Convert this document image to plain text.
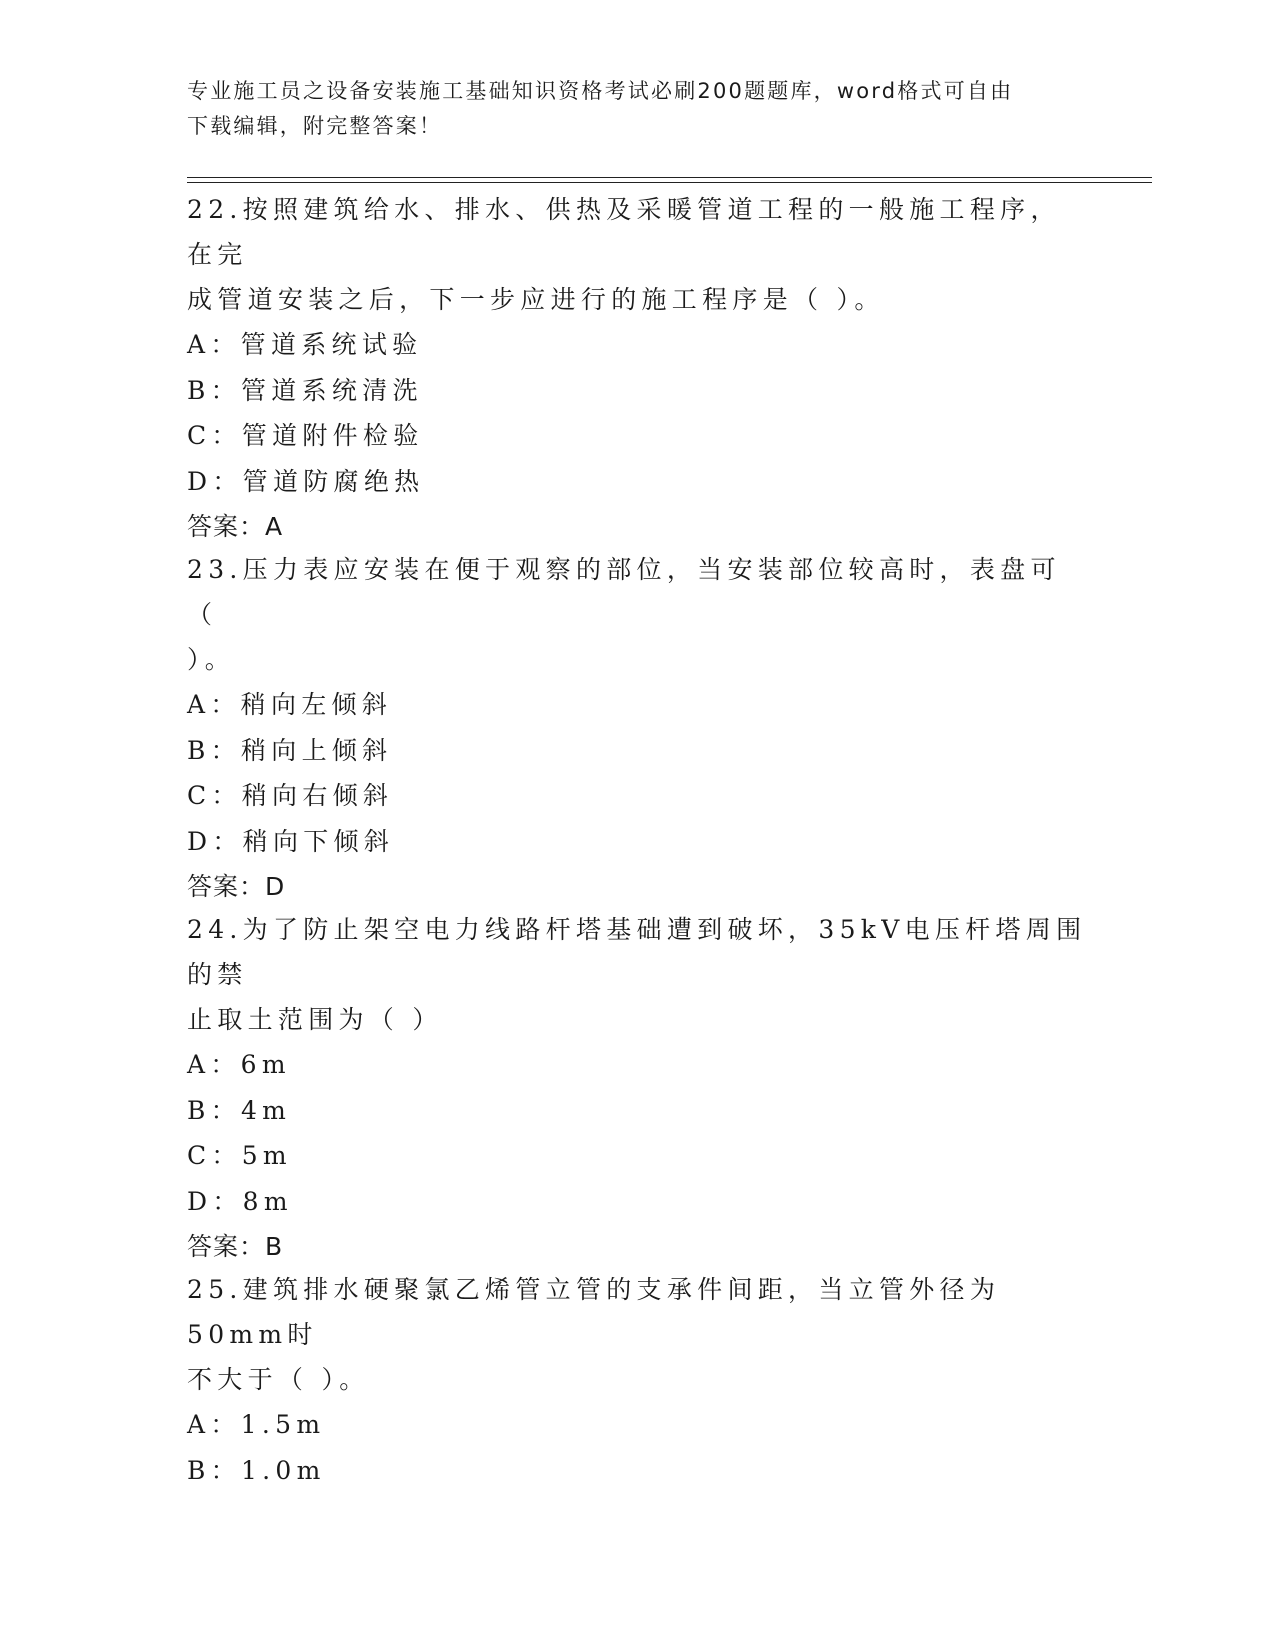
专业施工员之设备安装施工基础知识资格考试必刷200题题库，word格式可自由
下载编辑，附完整答案！
22.按照建筑给水、排水、供热及采暖管道工程的一般施工程序，在完
成管道安装之后，下一步应进行的施工程序是（ ）。
A：管道系统试验
B：管道系统清洗
C：管道附件检验
D：管道防腐绝热
答案：A
23.压力表应安装在便于观察的部位，当安装部位较高时，表盘可（
）。
A：稍向左倾斜
B：稍向上倾斜
C：稍向右倾斜
D：稍向下倾斜
答案：D
24.为了防止架空电力线路杆塔基础遭到破坏，35kV电压杆塔周围的禁
止取土范围为（ ）
A：6m
B：4m
C：5m
D：8m
答案：B
25.建筑排水硬聚氯乙烯管立管的支承件间距，当立管外径为50mm时
不大于（ ）。
A：1.5m
B：1.0m
